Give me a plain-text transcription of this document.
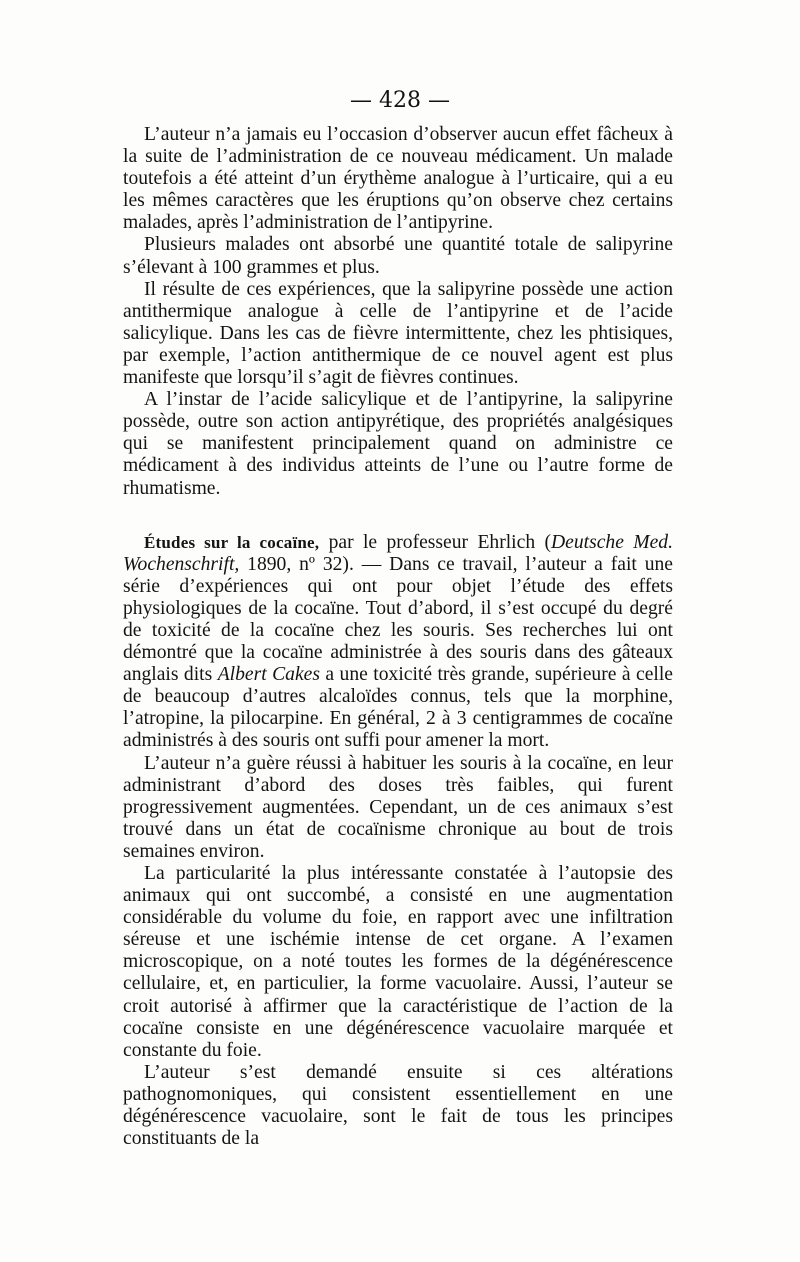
— 428 —

L’auteur n’a jamais eu l’occasion d’observer aucun effet fâcheux à la suite de l’administration de ce nouveau médicament. Un malade toutefois a été atteint d’un érythème analogue à l’urticaire, qui a eu les mêmes caractères que les éruptions qu’on observe chez certains malades, après l’administration de l’antipyrine.

Plusieurs malades ont absorbé une quantité totale de salipyrine s’élevant à 100 grammes et plus.

Il résulte de ces expériences, que la salipyrine possède une action antithermique analogue à celle de l’antipyrine et de l’acide salicylique. Dans les cas de fièvre intermittente, chez les phtisiques, par exemple, l’action antithermique de ce nouvel agent est plus manifeste que lorsqu’il s’agit de fièvres continues.

A l’instar de l’acide salicylique et de l’antipyrine, la salipyrine possède, outre son action antipyrétique, des propriétés analgésiques qui se manifestent principalement quand on administre ce médicament à des individus atteints de l’une ou l’autre forme de rhumatisme.

Études sur la cocaïne, par le professeur Ehrlich (Deutsche Med. Wochenschrift, 1890, nº 32). — Dans ce travail, l’auteur a fait une série d’expériences qui ont pour objet l’étude des effets physiologiques de la cocaïne. Tout d’abord, il s’est occupé du degré de toxicité de la cocaïne chez les souris. Ses recherches lui ont démontré que la cocaïne administrée à des souris dans des gâteaux anglais dits Albert Cakes a une toxicité très grande, supérieure à celle de beaucoup d’autres alcaloïdes connus, tels que la morphine, l’atropine, la pilocarpine. En général, 2 à 3 centigrammes de cocaïne administrés à des souris ont suffi pour amener la mort.

L’auteur n’a guère réussi à habituer les souris à la cocaïne, en leur administrant d’abord des doses très faibles, qui furent progressivement augmentées. Cependant, un de ces animaux s’est trouvé dans un état de cocaïnisme chronique au bout de trois semaines environ.

La particularité la plus intéressante constatée à l’autopsie des animaux qui ont succombé, a consisté en une augmentation considérable du volume du foie, en rapport avec une infiltration séreuse et une ischémie intense de cet organe. A l’examen microscopique, on a noté toutes les formes de la dégénérescence cellulaire, et, en particulier, la forme vacuolaire. Aussi, l’auteur se croit autorisé à affirmer que la caractéristique de l’action de la cocaïne consiste en une dégénérescence vacuolaire marquée et constante du foie.

L’auteur s’est demandé ensuite si ces altérations pathognomoniques, qui consistent essentiellement en une dégénérescence vacuolaire, sont le fait de tous les principes constituants de la
